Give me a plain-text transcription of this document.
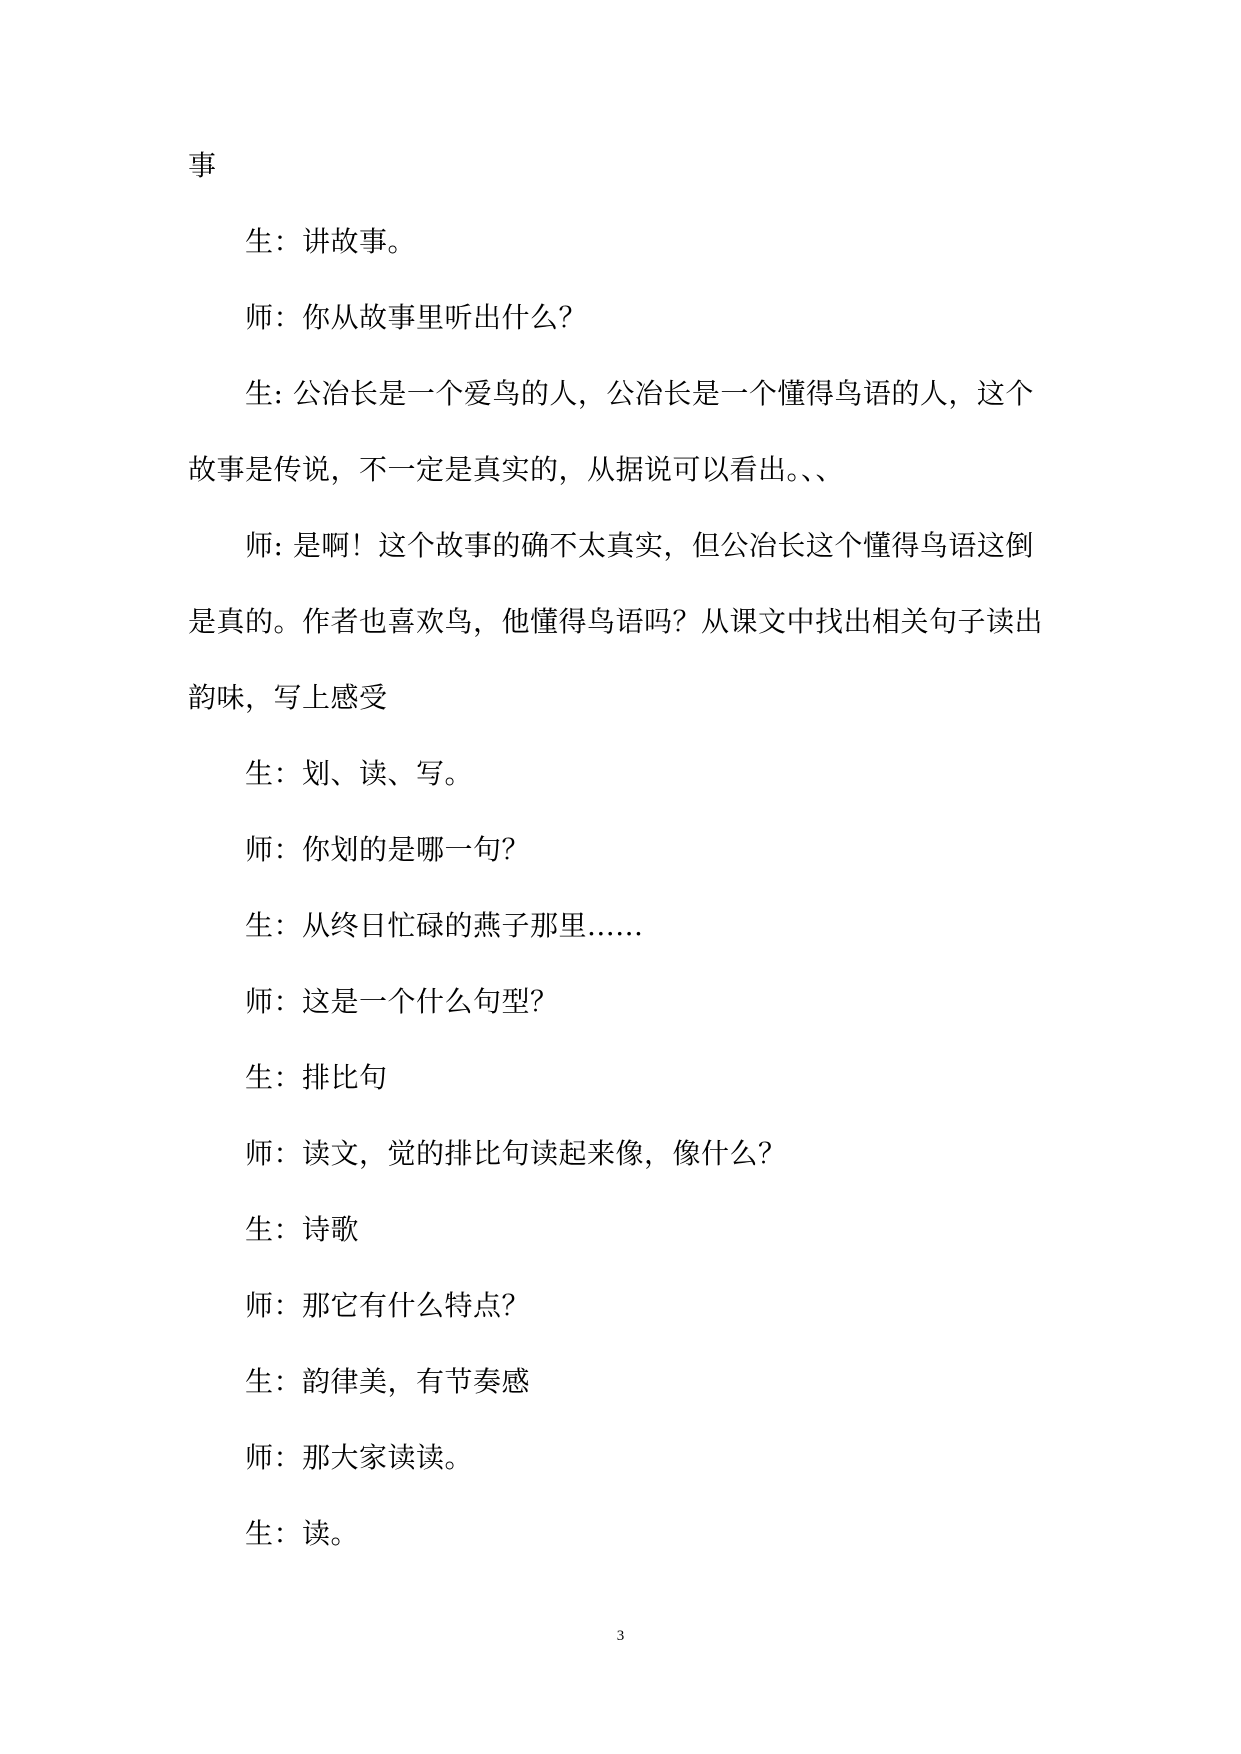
事
生：讲故事。
师：你从故事里听出什么？
生: 公冶长是一个爱鸟的人，公冶长是一个懂得鸟语的人，这个
故事是传说，不一定是真实的，从据说可以看出。、、
师: 是啊！这个故事的确不太真实，但公冶长这个懂得鸟语这倒
是真的。作者也喜欢鸟，他懂得鸟语吗？从课文中找出相关句子读出
韵味，写上感受
生：划、读、写。
师：你划的是哪一句？
生：从终日忙碌的燕子那里......
师：这是一个什么句型？
生：排比句
师：读文，觉的排比句读起来像，像什么？
生：诗歌
师：那它有什么特点？
生：韵律美，有节奏感
师：那大家读读。
生：读。
3
